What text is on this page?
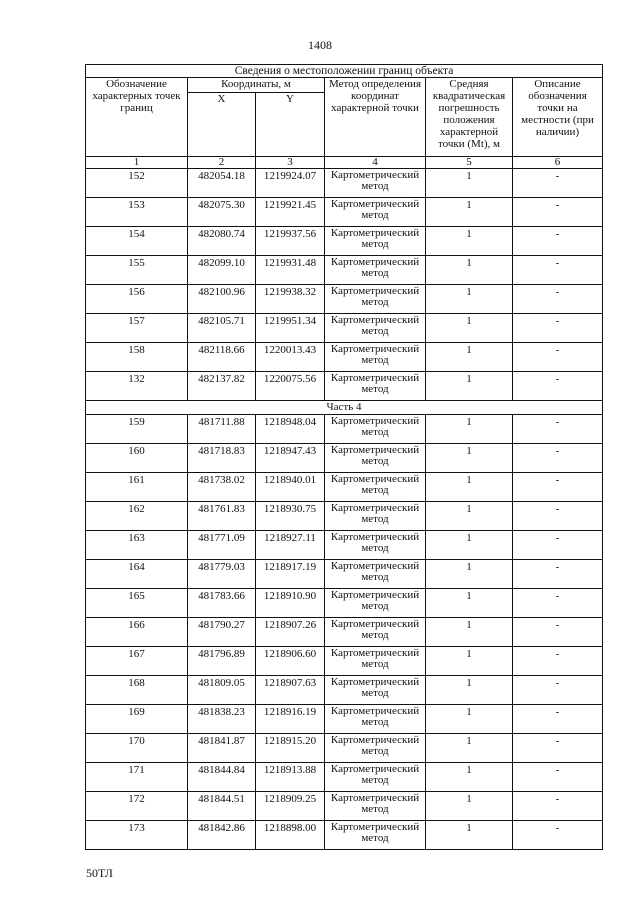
1408
Сведения о местоположении границ объекта					
Обозначение характерных точек границ	Координаты, м		Метод определения координат характерной точки	Средняя квадратическая погрешность положения характерной точки (Mt), м	Описание обозначения точки на местности (при наличии)
	X	Y			
1	2	3	4	5	6
152	482054.18	1219924.07	Картометрический метод	1	-
153	482075.30	1219921.45	Картометрический метод	1	-
154	482080.74	1219937.56	Картометрический метод	1	-
155	482099.10	1219931.48	Картометрический метод	1	-
156	482100.96	1219938.32	Картометрический метод	1	-
157	482105.71	1219951.34	Картометрический метод	1	-
158	482118.66	1220013.43	Картометрический метод	1	-
132	482137.82	1220075.56	Картометрический метод	1	-
Часть 4					
159	481711.88	1218948.04	Картометрический метод	1	-
160	481718.83	1218947.43	Картометрический метод	1	-
161	481738.02	1218940.01	Картометрический метод	1	-
162	481761.83	1218930.75	Картометрический метод	1	-
163	481771.09	1218927.11	Картометрический метод	1	-
164	481779.03	1218917.19	Картометрический метод	1	-
165	481783.66	1218910.90	Картометрический метод	1	-
166	481790.27	1218907.26	Картометрический метод	1	-
167	481796.89	1218906.60	Картометрический метод	1	-
168	481809.05	1218907.63	Картометрический метод	1	-
169	481838.23	1218916.19	Картометрический метод	1	-
170	481841.87	1218915.20	Картометрический метод	1	-
171	481844.84	1218913.88	Картометрический метод	1	-
172	481844.51	1218909.25	Картометрический метод	1	-
173	481842.86	1218898.00	Картометрический метод	1	-
50ТЛ
